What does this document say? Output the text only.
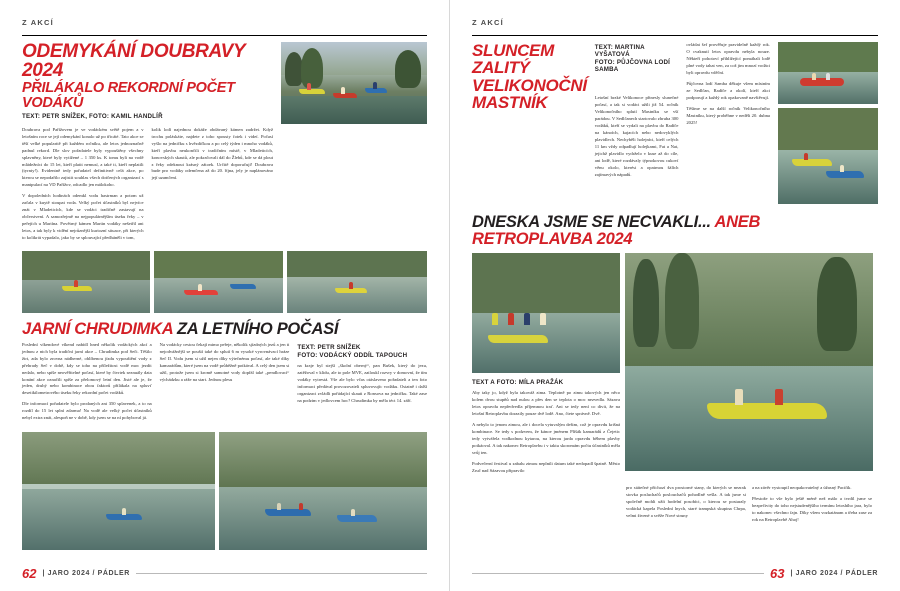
Z AKCÍ
ODEMYKÁNÍ DOUBRAVY 2024
PŘILÁKALO REKORDNÍ POČET VODÁKŮ
TEXT: PETR SNÍŽEK, FOTO: KAMIL HANDLÍŘ

Doubrava pod Pařížovem je ve vodáckém světě pojem a v letošním roce se její odemykání konalo už po třicáté. Tato akce se těší velké popularitě při každém ročníku, ale letos jednoznačně padnul rekord. Dle slov pořadatele byly vypouštěny všechny splavněny, které byly vytížené – 1 350 ks. K tomu byli na vodě mládežníci do 15 let, kteří platit nemusí, a také ti, kteří neplatili (tyrnty!). Evidentně tedy pořadatel definitivně celá akce, po kterou se nepodařilo zajistit souhlas všech dotčených organizací s manipulací na VD Pařížov, odcadlo jen málokoho.

V dopoledních hodinách odemkl vodu hastrman a potom už začala v kuytě stoupat voda. Velký počet účastníků byl nejvíce znát v Mladeticích, kde se vodáci tradičně zastavují na občerstvení. A samozřejmě na nejpopulárnějším úseku řeky – v peřejích u Mariína. Povětrný kámen Martin vodáky nešetřil ani letos, a tak byly k vidění nejrůznější kuriozní situace, při kterých to kolikrát vypadalo, jako by se splouvající předháněli v tom,

kolik lodí najednou dokáže obdávaný kámen zadržet. Když trochu poláskáte, najdete z toho spousty fotek i videí. Počasí vyšlo na jedničku s hvězdičkou a po celý týden i mnoho vodáků, kteří plavbu neukončili v tradičním místě, v Mladeticích, konovských skautů, ale pokračovali dál do Žlebů, kde se dá plout z řeky odeknout krásný zátoek. Určitě doporučují! Doubrava bude pro vodáky odemčena až do 20. října, jely je naplánováno její uzamčení.

JARNÍ CHRUDIMKA ZA LETNÍHO POČASÍ

Poslední víkendové víkend nabídl hned několik vodáckých akcí a jednou z nich byla tradiční jarní akce – Chrudimka pod Seči. Těšilo žirt, ada bylo zrovna nádherné, oblíbenou jízdu vypouštění vody z přehrady Seč v době, kdy se toho na příležitost vodě moc jezdit nedalo, nebo spíše neověřitelné počasí, které by čtvrtek seznuály data konání akce označili spíše za přelomový letní den. Jisté ale je, že jeden, druhý nebo kombinace obou faktorů přilákala na spluvť desetikilometrového úseku řeky rekordní počet vodáků.

Dle informací pořadatele bylo prodaných ani 350 splavenek, a to na rozdíl do 15 let splní zdarma! Na vodě ale velký počet účastníků nebyl extra znát, alespoň ne v době, kdy jsem se na ní pohyboval já.

Na vodácky cestou čekají mimo peřeje, několik sjízdných jezů a jen ti nejodvážnější se pouští také do splutí 6 m vysoké vyrovnávací hráze Seč II. Vodu jsem si užil nejen díky výtečnému počasí, ale také díky kamarádům, které jsem na vodě průběžně potkával. A celý den jsem si užil, protože jsem si kromě samotné vody dopřál také „pendlovací“ výchádzku a ráže na start. Jednou plesu

TEXT: PETR SNÍŽEK
FOTO: VODÁCKÝ ODDÍL TAPOUCH

na kraje byl stejší „školní oberný“, pan Bušek, který do jezu, zatěžoval v klidu, ale to pole MVE, zatloukl rozvry v domovní, že tím vodáky vytrestá. Vše ale bylo včas otáslaveno pořadateli a ten foto informaci předával provozovateli spluvovujíc vodáku. Ostatně i další organizaci zvládli pořádající skauti z Ronsova na jedničku. Také zase na podzim v jedlovcem hoc? Chrudimka by měla téct 14. září.

62 | JARO 2024 / PÁDLER
Z AKCÍ
SLUNCEM ZALITÝ
VELIKONOČNÍ
MASTNÍK
TEXT: MARTINA VYŠATOVÁ
FOTO: PŮJČOVNA LODÍ SAMBA

Letošní brzké Velikonoce přinesly slunečné počasí, a tak si vodáci užili již 54. ročník Velikonočního splutí Mastníku se vší parádou. V Sedlčanech startovalo zhruba 300 vodáků, kteří se vydali na plavbu do Radíče na kánoích, kajacích nebo nedovyklých plavidlech. Nechyběli holejníci, kteří celých 11 km vždy odpadlují holejkami, Fat a Nat, jejichž plavidlo vydrželo v kuse až do cíle, ani lodě, které rozdávaly týpnokovou cukoví věnu okolo, kterési a opatrnou šálích zajímavých nápadů.

ovládat šef prověřuje pravidelně každý rok. O cvaknutí letos opravdu nebyla nouze. Někteří pohotoví přihlížející pomáhali lodě plné vody tahat ven, za což jim mnozí vodáci byli opravdu vděční.

Půjčovna lodí Samba děkuje všem místním ze Sedlčan, Radíče a okolí, kteří akci podporují a každý rok opakovaně navštěvují.

Těšíme se na další ročník Velikonočního Mastníku, který proběhne v neděli 20. dubna 2025!

DNESKA JSME SE NECVAKLI... ANEB RETROPLAVBA 2024
TEXT A FOTO: MÍLA PRAŽÁK

Aby taky jo, když byla takováž zima. Teplotně po zimu takových jen něco kolem dvou stupňů nad nulou a přes den se teplota o moc nezvedla. Sázava letos opravdu nepředvedla příjemnou trať. Ani se tedy není co divit, že na letošní Retroplavbu dorazily pouze dvě lodě. Ano, čtete správně. Dvě.

A nebylo to jenom zimou, ale i docela vytuvalým deštm, což je opravdu krišná kombinace. Se tedy s podzvem, že kánoe jménem Plíšák kamarádů z Čejetic tedy vytvářela vodkodnou kytarou, na kterou jarda opravdu během plavby potkáoval. A tak nakonec Retroplavbu i v taktu skoromám počtu účastníků měla svůj ten.

Podvečerní festival u zabalu zimou neplnili datum také nedopadl špatně. Město Zruč nad Sázavou připravilo

pro státečné příchozí dva prostorné stany, do kterých se nezrak stovka posluchačů poslouchačů pohodlně vešla. A tak jsme si společně mohli užít hodelní posobíci, o kterou se postaraly vodácká kapela Poslední lnych, staré trampská skupina Chrpa, velmi živené a svěže Nové struny

a na závěr vystoupil neopakovatelný a úžasný Pacifik.

Přestože to vše bylo ještě méně než málo a tvrdil jsme se bezpečivity do toho nejstudenějšího termínu letoshího jara, bylo to nakonec všechno fajn. Díky všem vozkatánam a třeba zase za rok na Retroplavbě Ahoj!

63 | JARO 2024 / PÁDLER
